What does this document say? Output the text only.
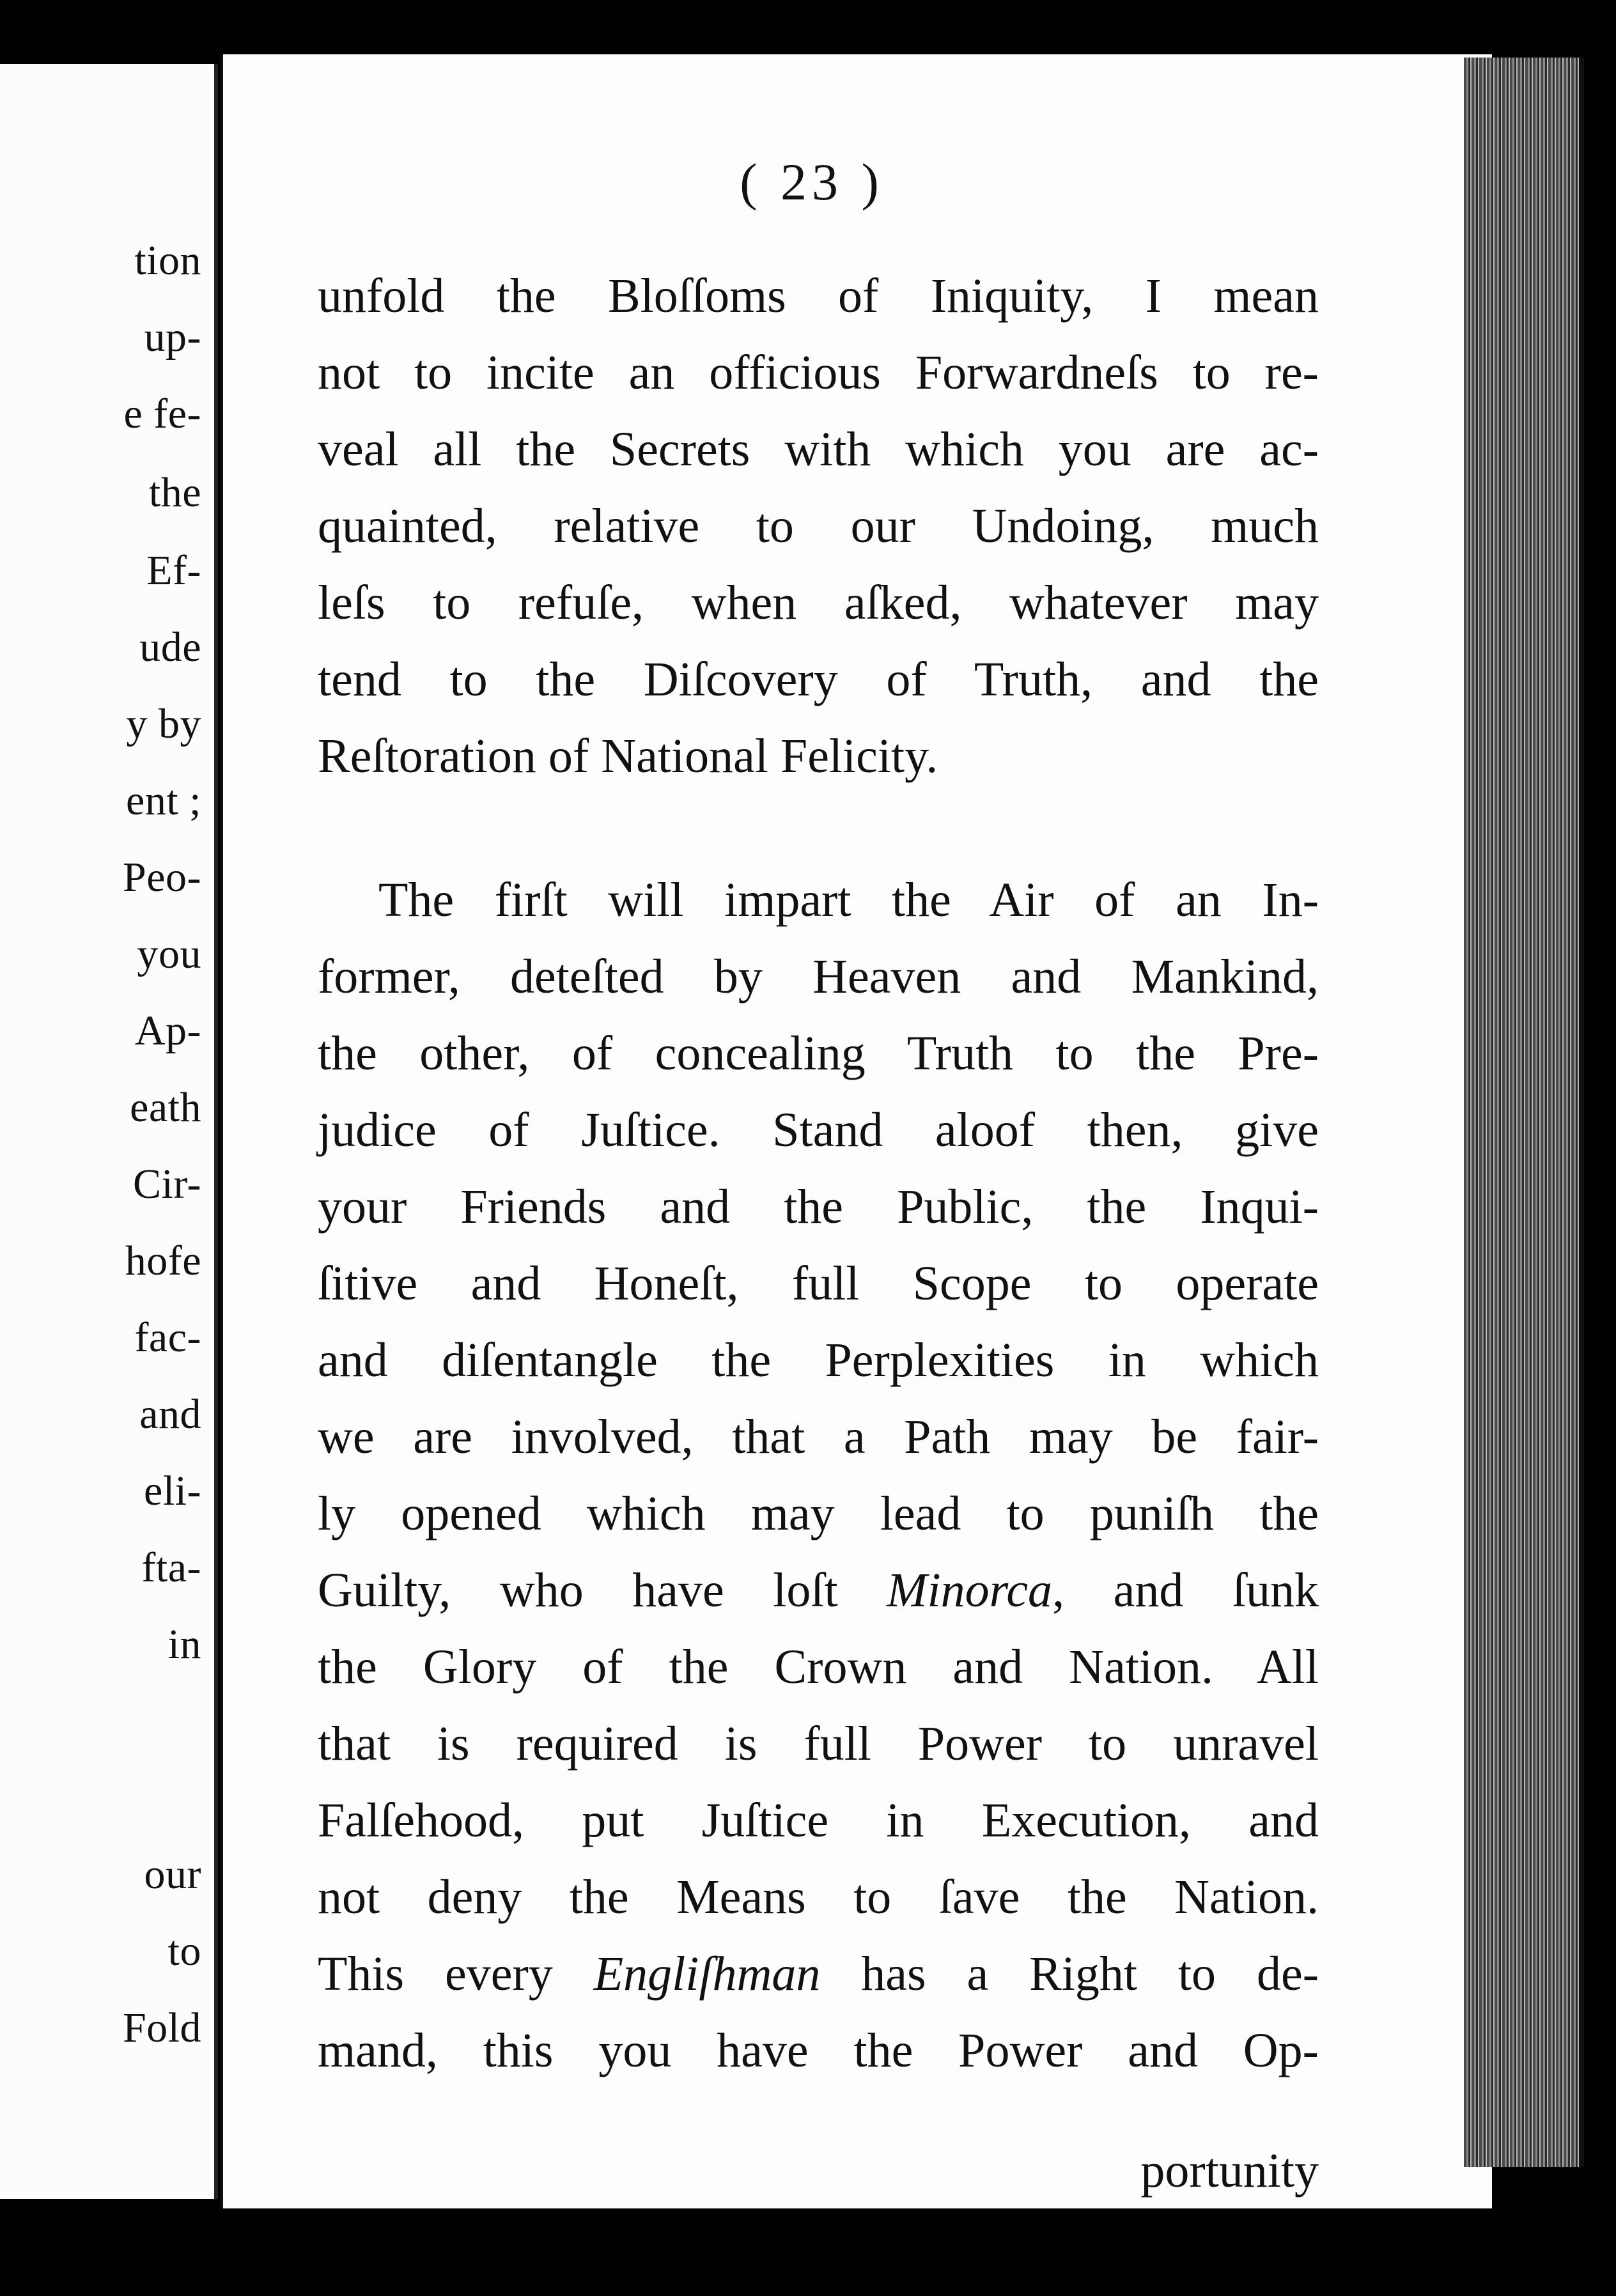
tion
up-
e fe-
the
Ef-
ude
y by
ent ;
Peo-
you
Ap-
eath
Cir-
hofe
fac-
and
eli-
fta-
in
our
to
Fold
( 23 )
unfold the Bloſſoms of Iniquity, I mean
not to incite an officious Forwardneſs to re-
veal all the Secrets with which you are ac-
quainted, relative to our Undoing, much
leſs to refuſe, when aſked, whatever may
tend to the Diſcovery of Truth, and the
Reſtoration of National Felicity.
The firſt will impart the Air of an In-
former, deteſted by Heaven and Mankind,
the other, of concealing Truth to the Pre-
judice of Juſtice. Stand aloof then, give
your Friends and the Public, the Inqui-
ſitive and Honeſt, full Scope to operate
and diſentangle the Perplexities in which
we are involved, that a Path may be fair-
ly opened which may lead to puniſh the
Guilty, who have loſt Minorca, and ſunk
the Glory of the Crown and Nation. All
that is required is full Power to unravel
Falſehood, put Juſtice in Execution, and
not deny the Means to ſave the Nation.
This every Engliſhman has a Right to de-
mand, this you have the Power and Op-
portunity
